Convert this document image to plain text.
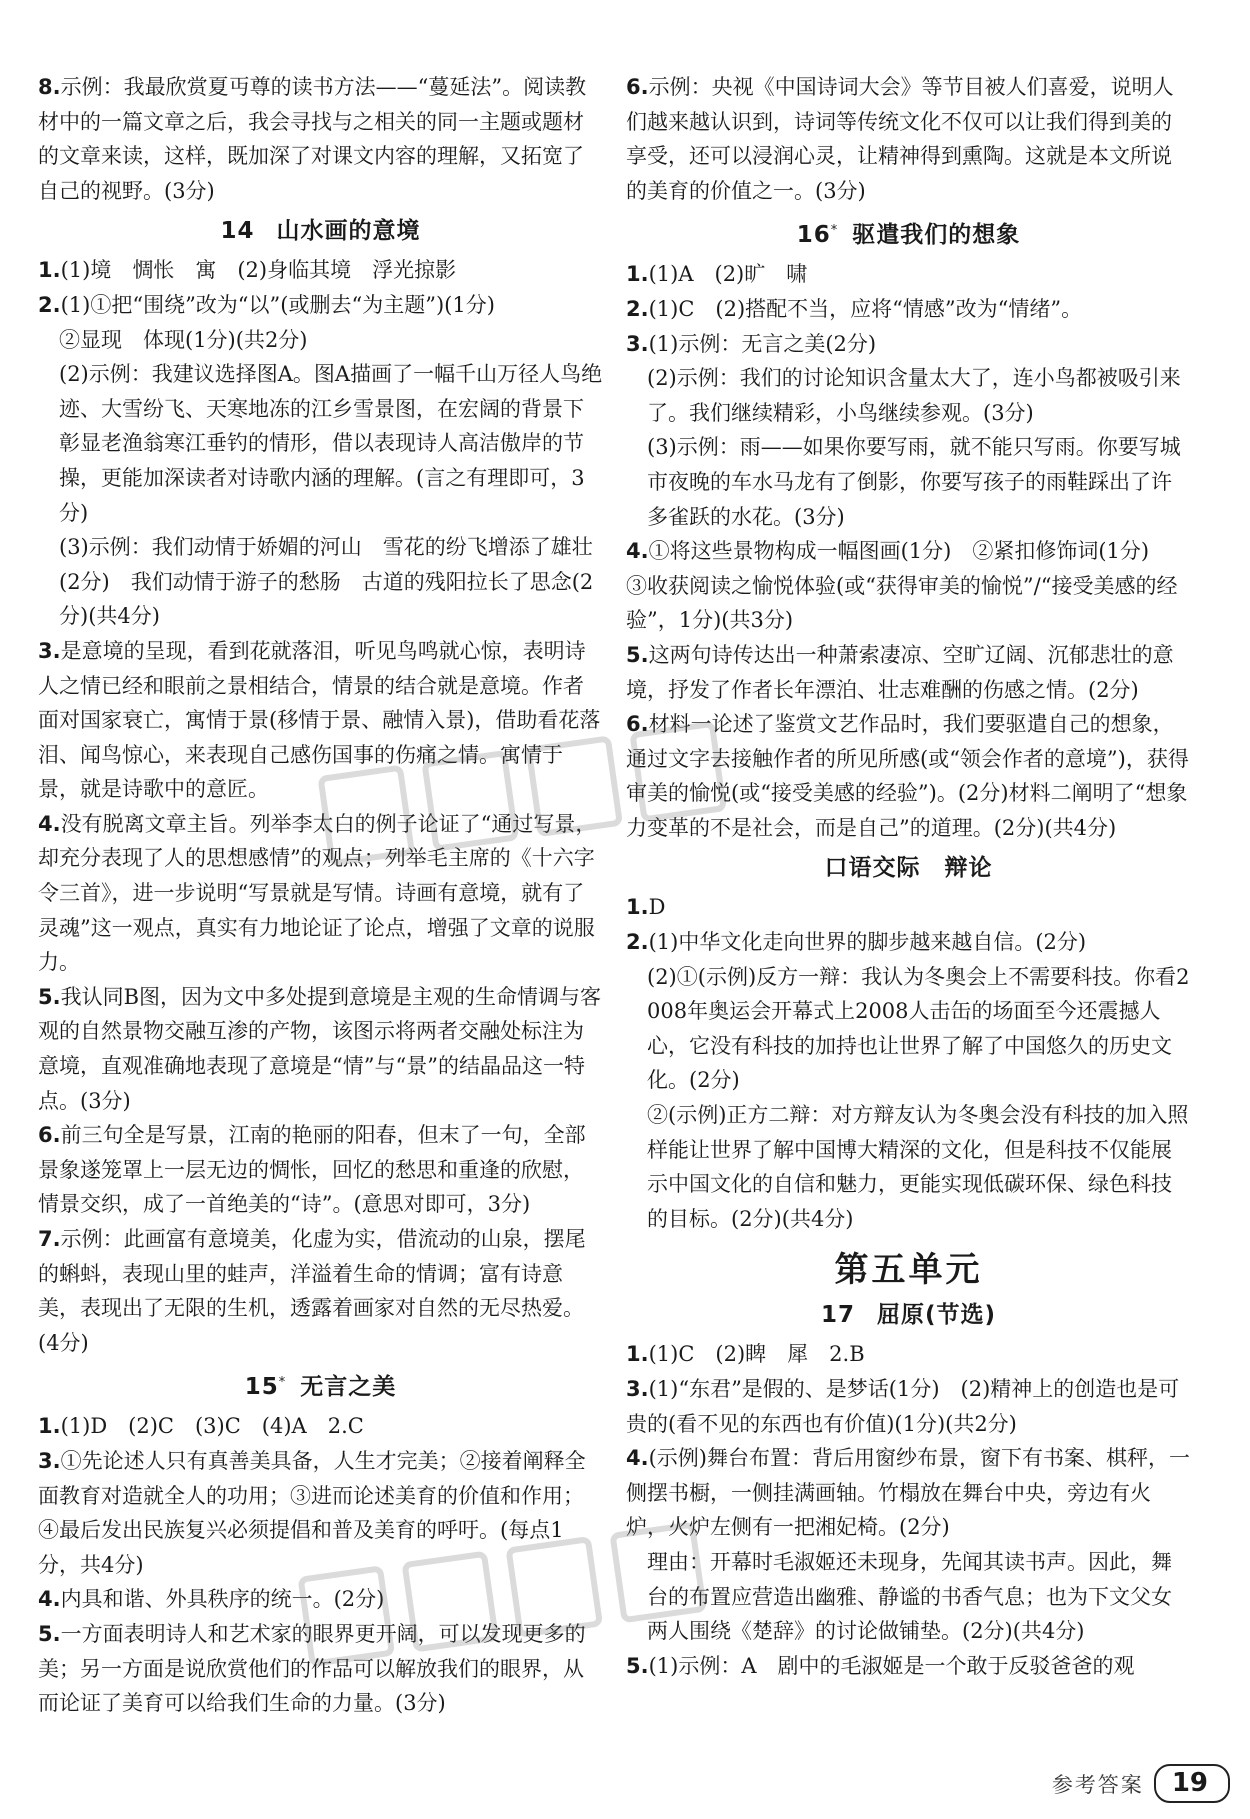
8.示例：我最欣赏夏丏尊的读书方法——“蔓延法”。阅读教材中的一篇文章之后，我会寻找与之相关的同一主题或题材的文章来读，这样，既加深了对课文内容的理解，又拓宽了自己的视野。(3分)

14 山水画的意境

1.(1)境　惆怅　寓　(2)身临其境　浮光掠影

2.(1)①把“围绕”改为“以”(或删去“为主题”)(1分)

②显现　体现(1分)(共2分)

(2)示例：我建议选择图A。图A描画了一幅千山万径人鸟绝迹、大雪纷飞、天寒地冻的江乡雪景图，在宏阔的背景下彰显老渔翁寒江垂钓的情形，借以表现诗人高洁傲岸的节操，更能加深读者对诗歌内涵的理解。(言之有理即可，3分)

(3)示例：我们动情于娇媚的河山　雪花的纷飞增添了雄壮(2分)　我们动情于游子的愁肠　古道的残阳拉长了思念(2分)(共4分)

3.是意境的呈现，看到花就落泪，听见鸟鸣就心惊，表明诗人之情已经和眼前之景相结合，情景的结合就是意境。作者面对国家衰亡，寓情于景(移情于景、融情入景)，借助看花落泪、闻鸟惊心，来表现自己感伤国事的伤痛之情。寓情于景，就是诗歌中的意匠。

4.没有脱离文章主旨。列举李太白的例子论证了“通过写景，却充分表现了人的思想感情”的观点；列举毛主席的《十六字令三首》，进一步说明“写景就是写情。诗画有意境，就有了灵魂”这一观点，真实有力地论证了论点，增强了文章的说服力。

5.我认同B图，因为文中多处提到意境是主观的生命情调与客观的自然景物交融互渗的产物，该图示将两者交融处标注为意境，直观准确地表现了意境是“情”与“景”的结晶品这一特点。(3分)

6.前三句全是写景，江南的艳丽的阳春，但末了一句，全部景象遂笼罩上一层无边的惆怅，回忆的愁思和重逢的欣慰，情景交织，成了一首绝美的“诗”。(意思对即可，3分)

7.示例：此画富有意境美，化虚为实，借流动的山泉，摆尾的蝌蚪，表现山里的蛙声，洋溢着生命的情调；富有诗意美，表现出了无限的生机，透露着画家对自然的无尽热爱。(4分)

15* 无言之美

1.(1)D　(2)C　(3)C　(4)A　2.C

3.①先论述人只有真善美具备，人生才完美；②接着阐释全面教育对造就全人的功用；③进而论述美育的价值和作用；④最后发出民族复兴必须提倡和普及美育的呼吁。(每点1分，共4分)

4.内具和谐、外具秩序的统一。(2分)

5.一方面表明诗人和艺术家的眼界更开阔，可以发现更多的美；另一方面是说欣赏他们的作品可以解放我们的眼界，从而论证了美育可以给我们生命的力量。(3分)

6.示例：央视《中国诗词大会》等节目被人们喜爱，说明人们越来越认识到，诗词等传统文化不仅可以让我们得到美的享受，还可以浸润心灵，让精神得到熏陶。这就是本文所说的美育的价值之一。(3分)

16* 驱遣我们的想象

1.(1)A　(2)旷　啸

2.(1)C　(2)搭配不当，应将“情感”改为“情绪”。

3.(1)示例：无言之美(2分)

(2)示例：我们的讨论知识含量太大了，连小鸟都被吸引来了。我们继续精彩，小鸟继续参观。(3分)

(3)示例：雨——如果你要写雨，就不能只写雨。你要写城市夜晚的车水马龙有了倒影，你要写孩子的雨鞋踩出了许多雀跃的水花。(3分)

4.①将这些景物构成一幅图画(1分)　②紧扣修饰词(1分)　③收获阅读之愉悦体验(或“获得审美的愉悦”/“接受美感的经验”，1分)(共3分)

5.这两句诗传达出一种萧索凄凉、空旷辽阔、沉郁悲壮的意境，抒发了作者长年漂泊、壮志难酬的伤感之情。(2分)

6.材料一论述了鉴赏文艺作品时，我们要驱遣自己的想象，通过文字去接触作者的所见所感(或“领会作者的意境”)，获得审美的愉悦(或“接受美感的经验”)。(2分)材料二阐明了“想象力变革的不是社会，而是自己”的道理。(2分)(共4分)

口语交际　辩论

1.D

2.(1)中华文化走向世界的脚步越来越自信。(2分)

(2)①(示例)反方一辩：我认为冬奥会上不需要科技。你看2008年奥运会开幕式上2008人击缶的场面至今还震撼人心，它没有科技的加持也让世界了解了中国悠久的历史文化。(2分)

②(示例)正方二辩：对方辩友认为冬奥会没有科技的加入照样能让世界了解中国博大精深的文化，但是科技不仅能展示中国文化的自信和魅力，更能实现低碳环保、绿色科技的目标。(2分)(共4分)

第五单元
17 屈原(节选)

1.(1)C　(2)睥　犀　2.B

3.(1)“东君”是假的、是梦话(1分)　(2)精神上的创造也是可贵的(看不见的东西也有价值)(1分)(共2分)

4.(示例)舞台布置：背后用窗纱布景，窗下有书案、棋秤，一侧摆书橱，一侧挂满画轴。竹榻放在舞台中央，旁边有火炉，火炉左侧有一把湘妃椅。(2分)

理由：开幕时毛淑姬还未现身，先闻其读书声。因此，舞台的布置应营造出幽雅、静谧的书香气息；也为下文父女两人围绕《楚辞》的讨论做铺垫。(2分)(共4分)

5.(1)示例：A　剧中的毛淑姬是一个敢于反驳爸爸的观

参考答案	19
